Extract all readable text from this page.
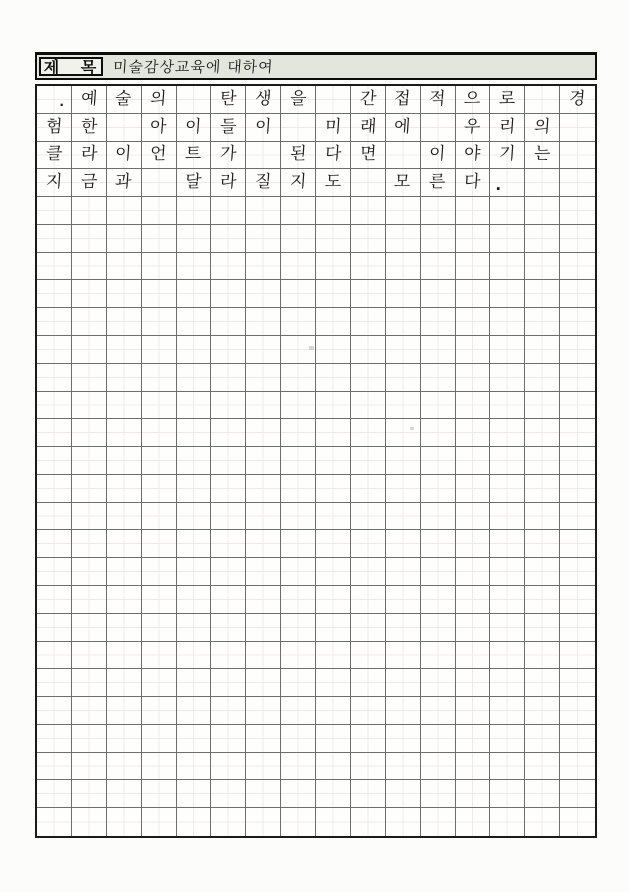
제 목 미술감상교육에 대하여
. 예 술 의	탄 생 을	간 접 적 으 로	경
험 한	아 이 들 이	미 래 에	우 리 의
클 라 이 언 트 가	된 다 면	이 야 기 는
지 금 과	달 라 질 지 도	모 른 다 .
